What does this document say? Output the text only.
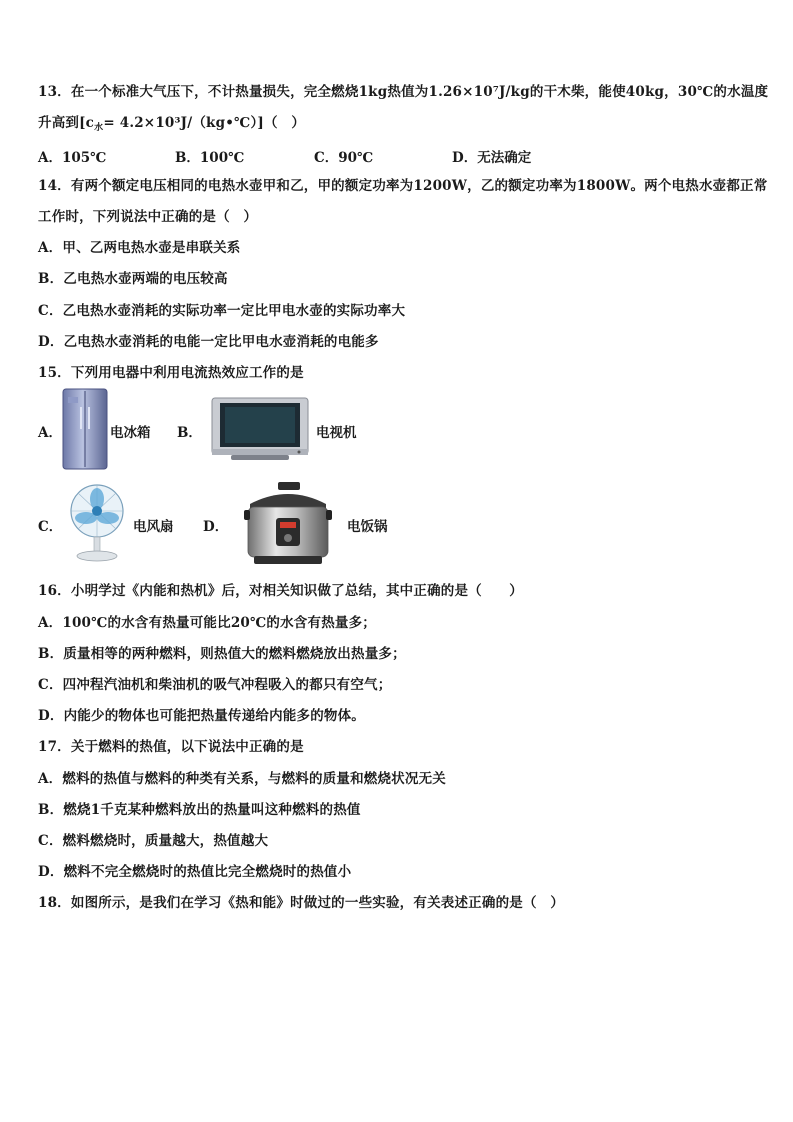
13．在一个标准大气压下，不计热量损失，完全燃烧1kg热值为1.26×10⁷J/kg的干木柴，能使40kg，30℃的水温度
升高到[$c_水=$ 4.2×10³J/（kg•℃）]（　）
A．105℃	B．100℃	C．90℃	D．无法确定
14．有两个额定电压相同的电热水壶甲和乙，甲的额定功率为1200W，乙的额定功率为1800W。两个电热水壶都正常
工作时，下列说法中正确的是（　）
A．甲、乙两电热水壶是串联关系
B．乙电热水壶两端的电压较高
C．乙电热水壶消耗的实际功率一定比甲电水壶的实际功率大
D．乙电热水壶消耗的电能一定比甲电水壶消耗的电能多
15．下列用电器中利用电流热效应工作的是
A．	电冰箱 B．	电视机
C．	电风扇 D．	电饭锅
16．小明学过《内能和热机》后，对相关知识做了总结，其中正确的是（　　）
A．100℃的水含有热量可能比20℃的水含有热量多；
B．质量相等的两种燃料，则热值大的燃料燃烧放出热量多；
C．四冲程汽油机和柴油机的吸气冲程吸入的都只有空气；
D．内能少的物体也可能把热量传递给内能多的物体。
17．关于燃料的热值，以下说法中正确的是
A．燃料的热值与燃料的种类有关系，与燃料的质量和燃烧状况无关
B．燃烧1千克某种燃料放出的热量叫这种燃料的热值
C．燃料燃烧时，质量越大，热值越大
D．燃料不完全燃烧时的热值比完全燃烧时的热值小
18．如图所示，是我们在学习《热和能》时做过的一些实验，有关表述正确的是（　）
